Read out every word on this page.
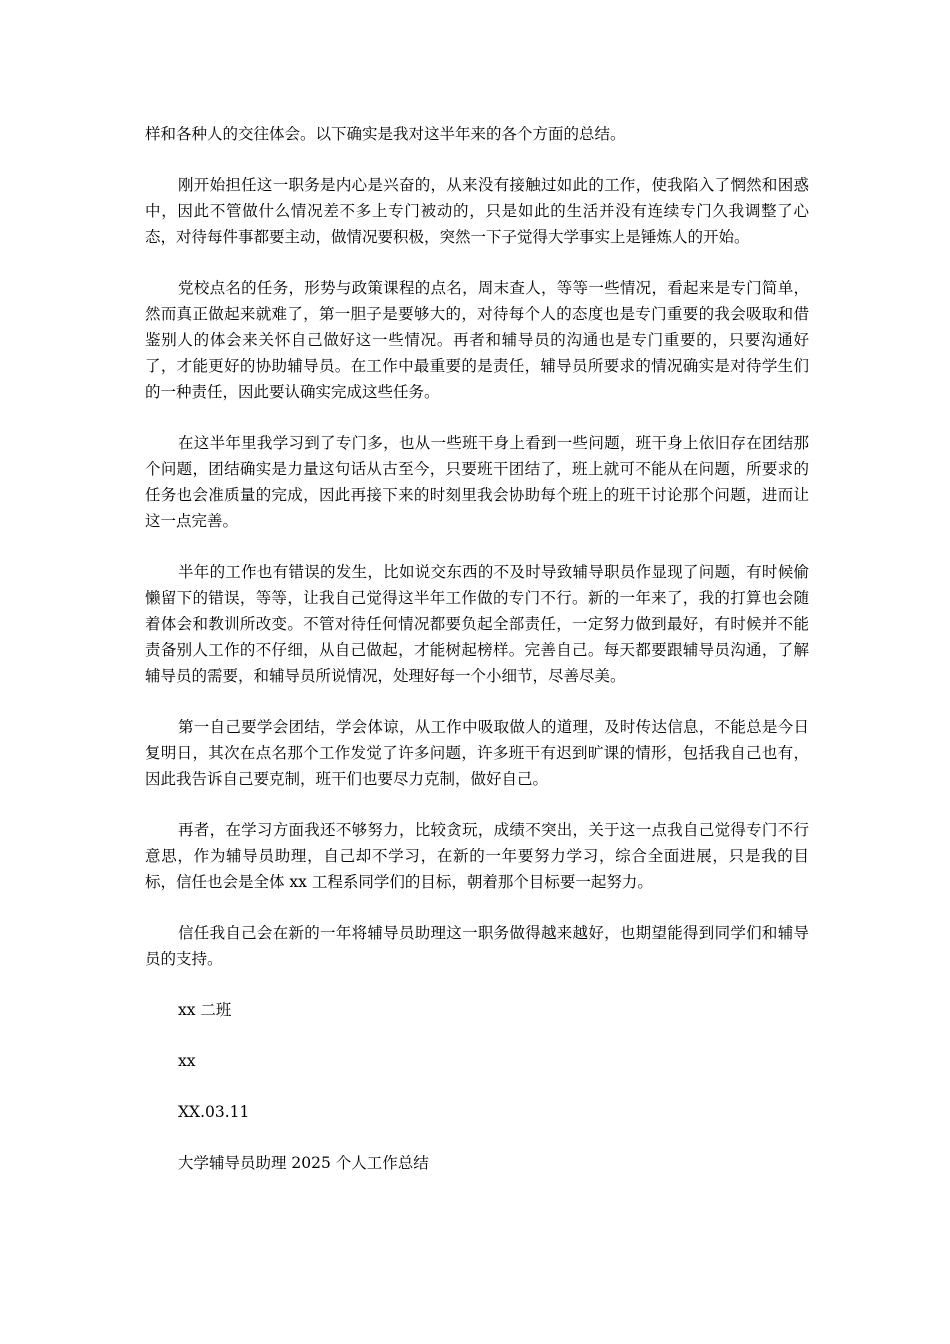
样和各种人的交往体会。以下确实是我对这半年来的各个方面的总结。

刚开始担任这一职务是内心是兴奋的，从来没有接触过如此的工作，使我陷入了惘然和困惑中，因此不管做什么情况差不多上专门被动的，只是如此的生活并没有连续专门久我调整了心态，对待每件事都要主动，做情况要积极，突然一下子觉得大学事实上是锤炼人的开始。

党校点名的任务，形势与政策课程的点名，周末查人，等等一些情况，看起来是专门简单，然而真正做起来就难了，第一胆子是要够大的，对待每个人的态度也是专门重要的我会吸取和借鉴别人的体会来关怀自己做好这一些情况。再者和辅导员的沟通也是专门重要的，只要沟通好了，才能更好的协助辅导员。在工作中最重要的是责任，辅导员所要求的情况确实是对待学生们的一种责任，因此要认确实完成这些任务。

在这半年里我学习到了专门多，也从一些班干身上看到一些问题，班干身上依旧存在团结那个问题，团结确实是力量这句话从古至今，只要班干团结了，班上就可不能从在问题，所要求的任务也会准质量的完成，因此再接下来的时刻里我会协助每个班上的班干讨论那个问题，进而让这一点完善。

半年的工作也有错误的发生，比如说交东西的不及时导致辅导职员作显现了问题，有时候偷懒留下的错误，等等，让我自己觉得这半年工作做的专门不行。新的一年来了，我的打算也会随着体会和教训所改变。不管对待任何情况都要负起全部责任，一定努力做到最好，有时候并不能责备别人工作的不仔细，从自己做起，才能树起榜样。完善自己。每天都要跟辅导员沟通，了解辅导员的需要，和辅导员所说情况，处理好每一个小细节，尽善尽美。

第一自己要学会团结，学会体谅，从工作中吸取做人的道理，及时传达信息，不能总是今日复明日，其次在点名那个工作发觉了许多问题，许多班干有迟到旷课的情形，包括我自己也有，因此我告诉自己要克制，班干们也要尽力克制，做好自己。

再者，在学习方面我还不够努力，比较贪玩，成绩不突出，关于这一点我自己觉得专门不行意思，作为辅导员助理，自己却不学习，在新的一年要努力学习，综合全面进展，只是我的目标，信任也会是全体 xx 工程系同学们的目标，朝着那个目标要一起努力。

信任我自己会在新的一年将辅导员助理这一职务做得越来越好，也期望能得到同学们和辅导员的支持。

xx 二班

xx

XX.03.11

大学辅导员助理 2025 个人工作总结
